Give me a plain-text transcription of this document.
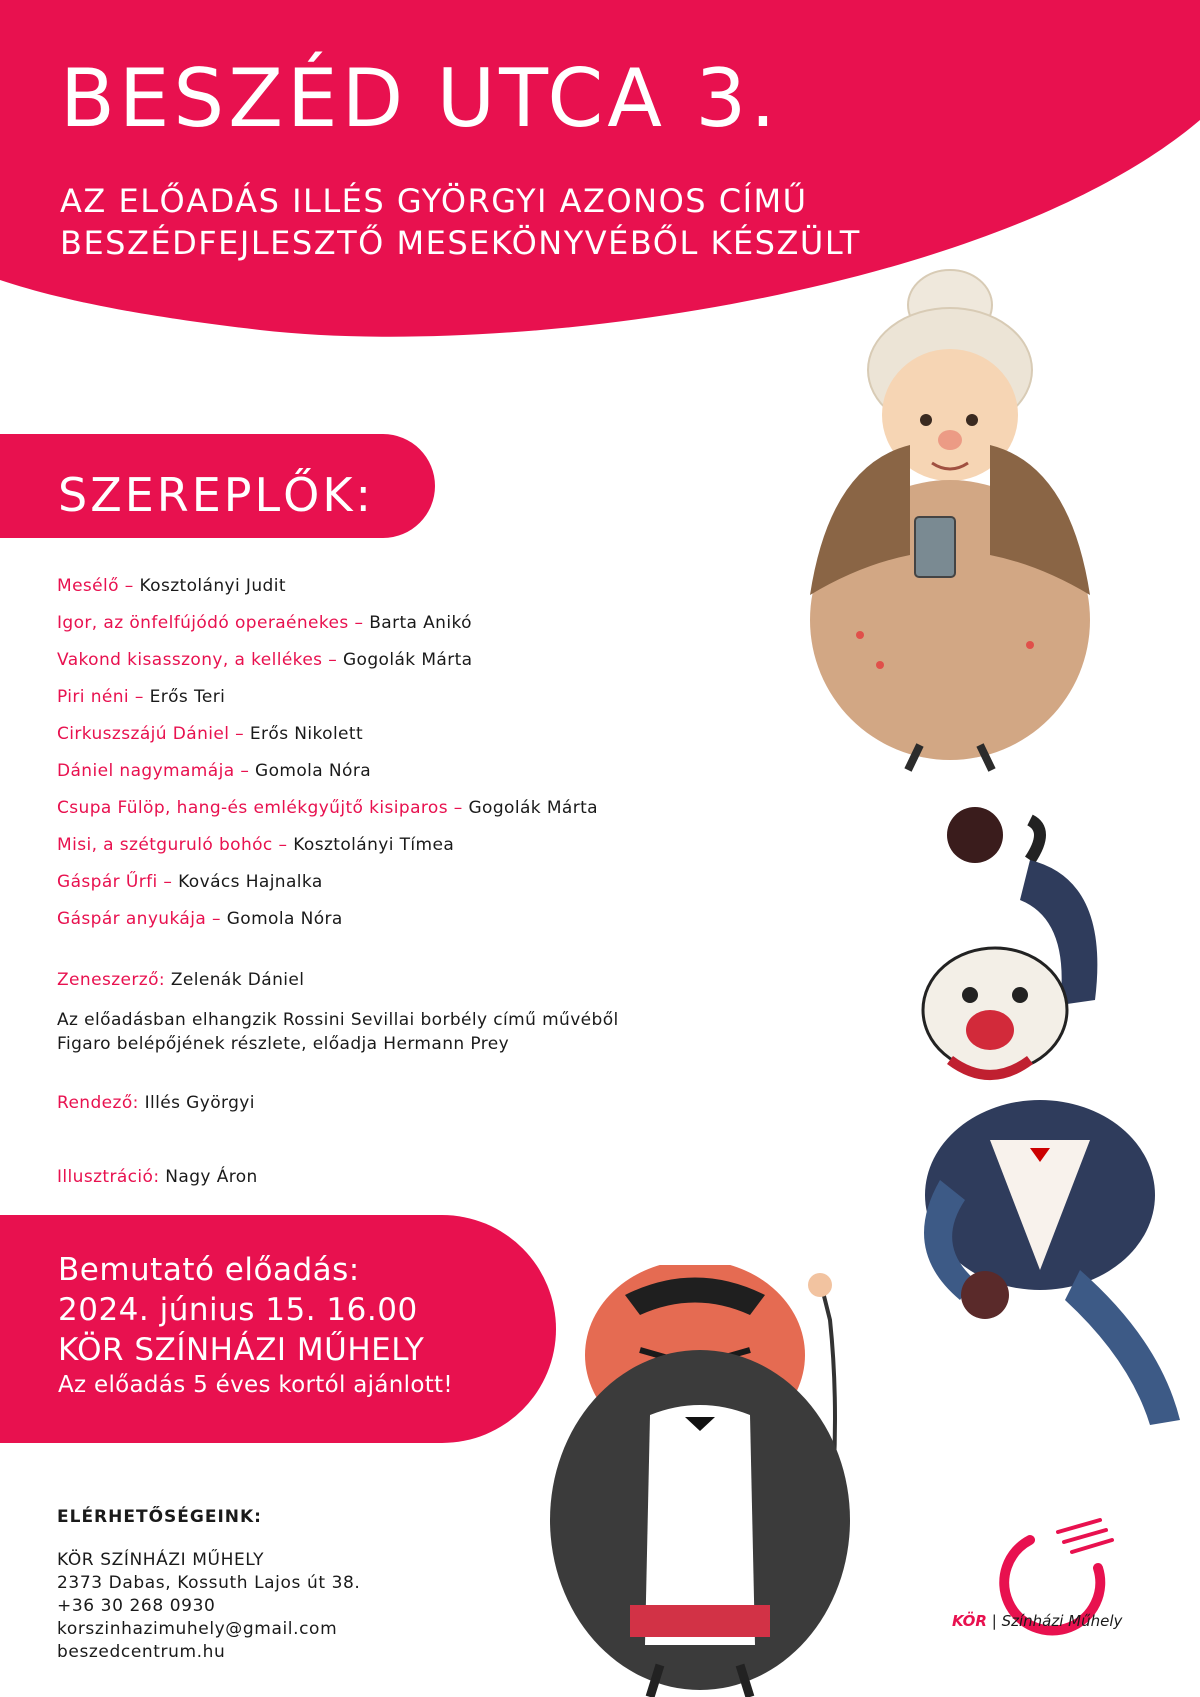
BESZÉD UTCA 3.

AZ ELŐADÁS ILLÉS GYÖRGYI AZONOS CÍMŰ
BESZÉDFEJLESZTŐ MESEKÖNYVÉBŐL KÉSZÜLT

SZEREPLŐK:
Mesélő – Kosztolányi Judit
Igor, az önfelfújódó operaénekes – Barta Anikó
Vakond kisasszony, a kellékes – Gogolák Márta
Piri néni – Erős Teri
Cirkuszszájú Dániel – Erős Nikolett
Dániel nagymamája – Gomola Nóra
Csupa Fülöp, hang-és emlékgyűjtő kisiparos – Gogolák Márta
Misi, a szétguruló bohóc – Kosztolányi Tímea
Gáspár Űrfi – Kovács Hajnalka
Gáspár anyukája – Gomola Nóra
Zeneszerző: Zelenák Dániel
Az előadásban elhangzik Rossini Sevillai borbély című művéből
Figaro belépőjének részlete, előadja Hermann Prey
Rendező: Illés Györgyi
Illusztráció: Nagy Áron
Bemutató előadás:
2024. június 15. 16.00
KÖR SZÍNHÁZI MŰHELY
Az előadás 5 éves kortól ajánlott!
ELÉRHETŐSÉGEINK:
KÖR SZÍNHÁZI MŰHELY
2373 Dabas, Kossuth Lajos út 38.
+36 30 268 0930
korszinhazimuhely@gmail.com
beszedcentrum.hu
KÖR | Színházi Műhely
